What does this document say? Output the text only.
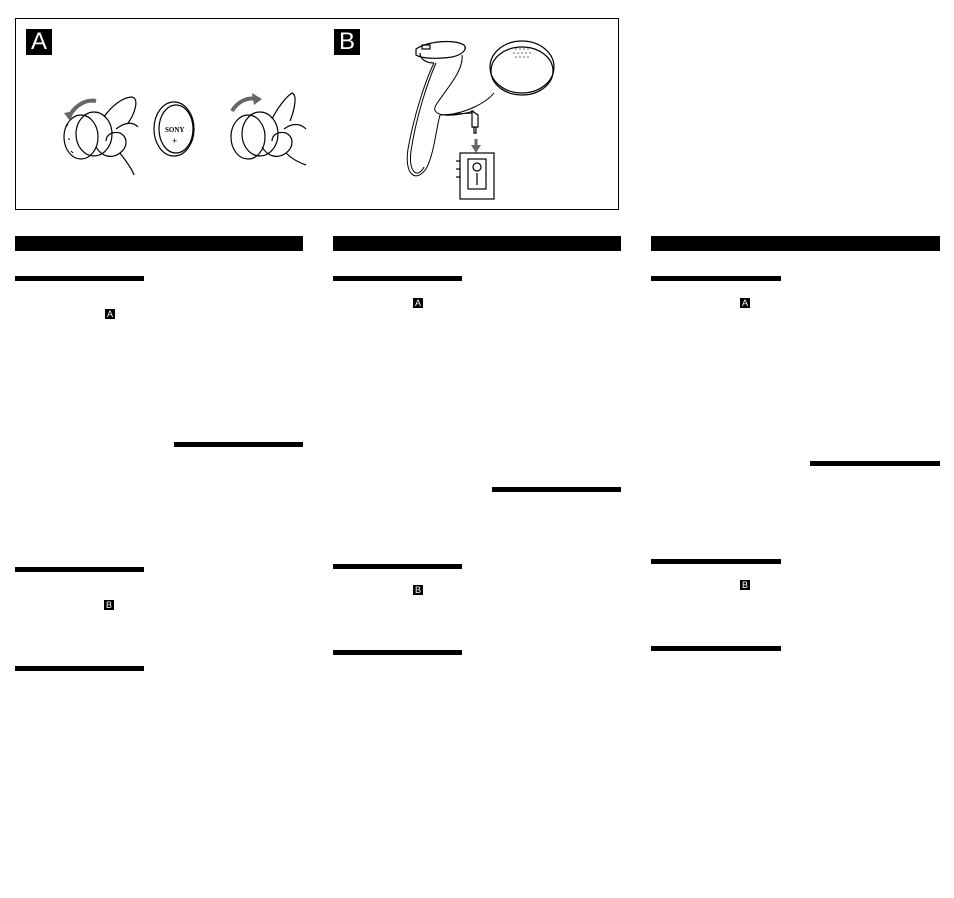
A	B
SONY
+
A
B
A
B
A
B
